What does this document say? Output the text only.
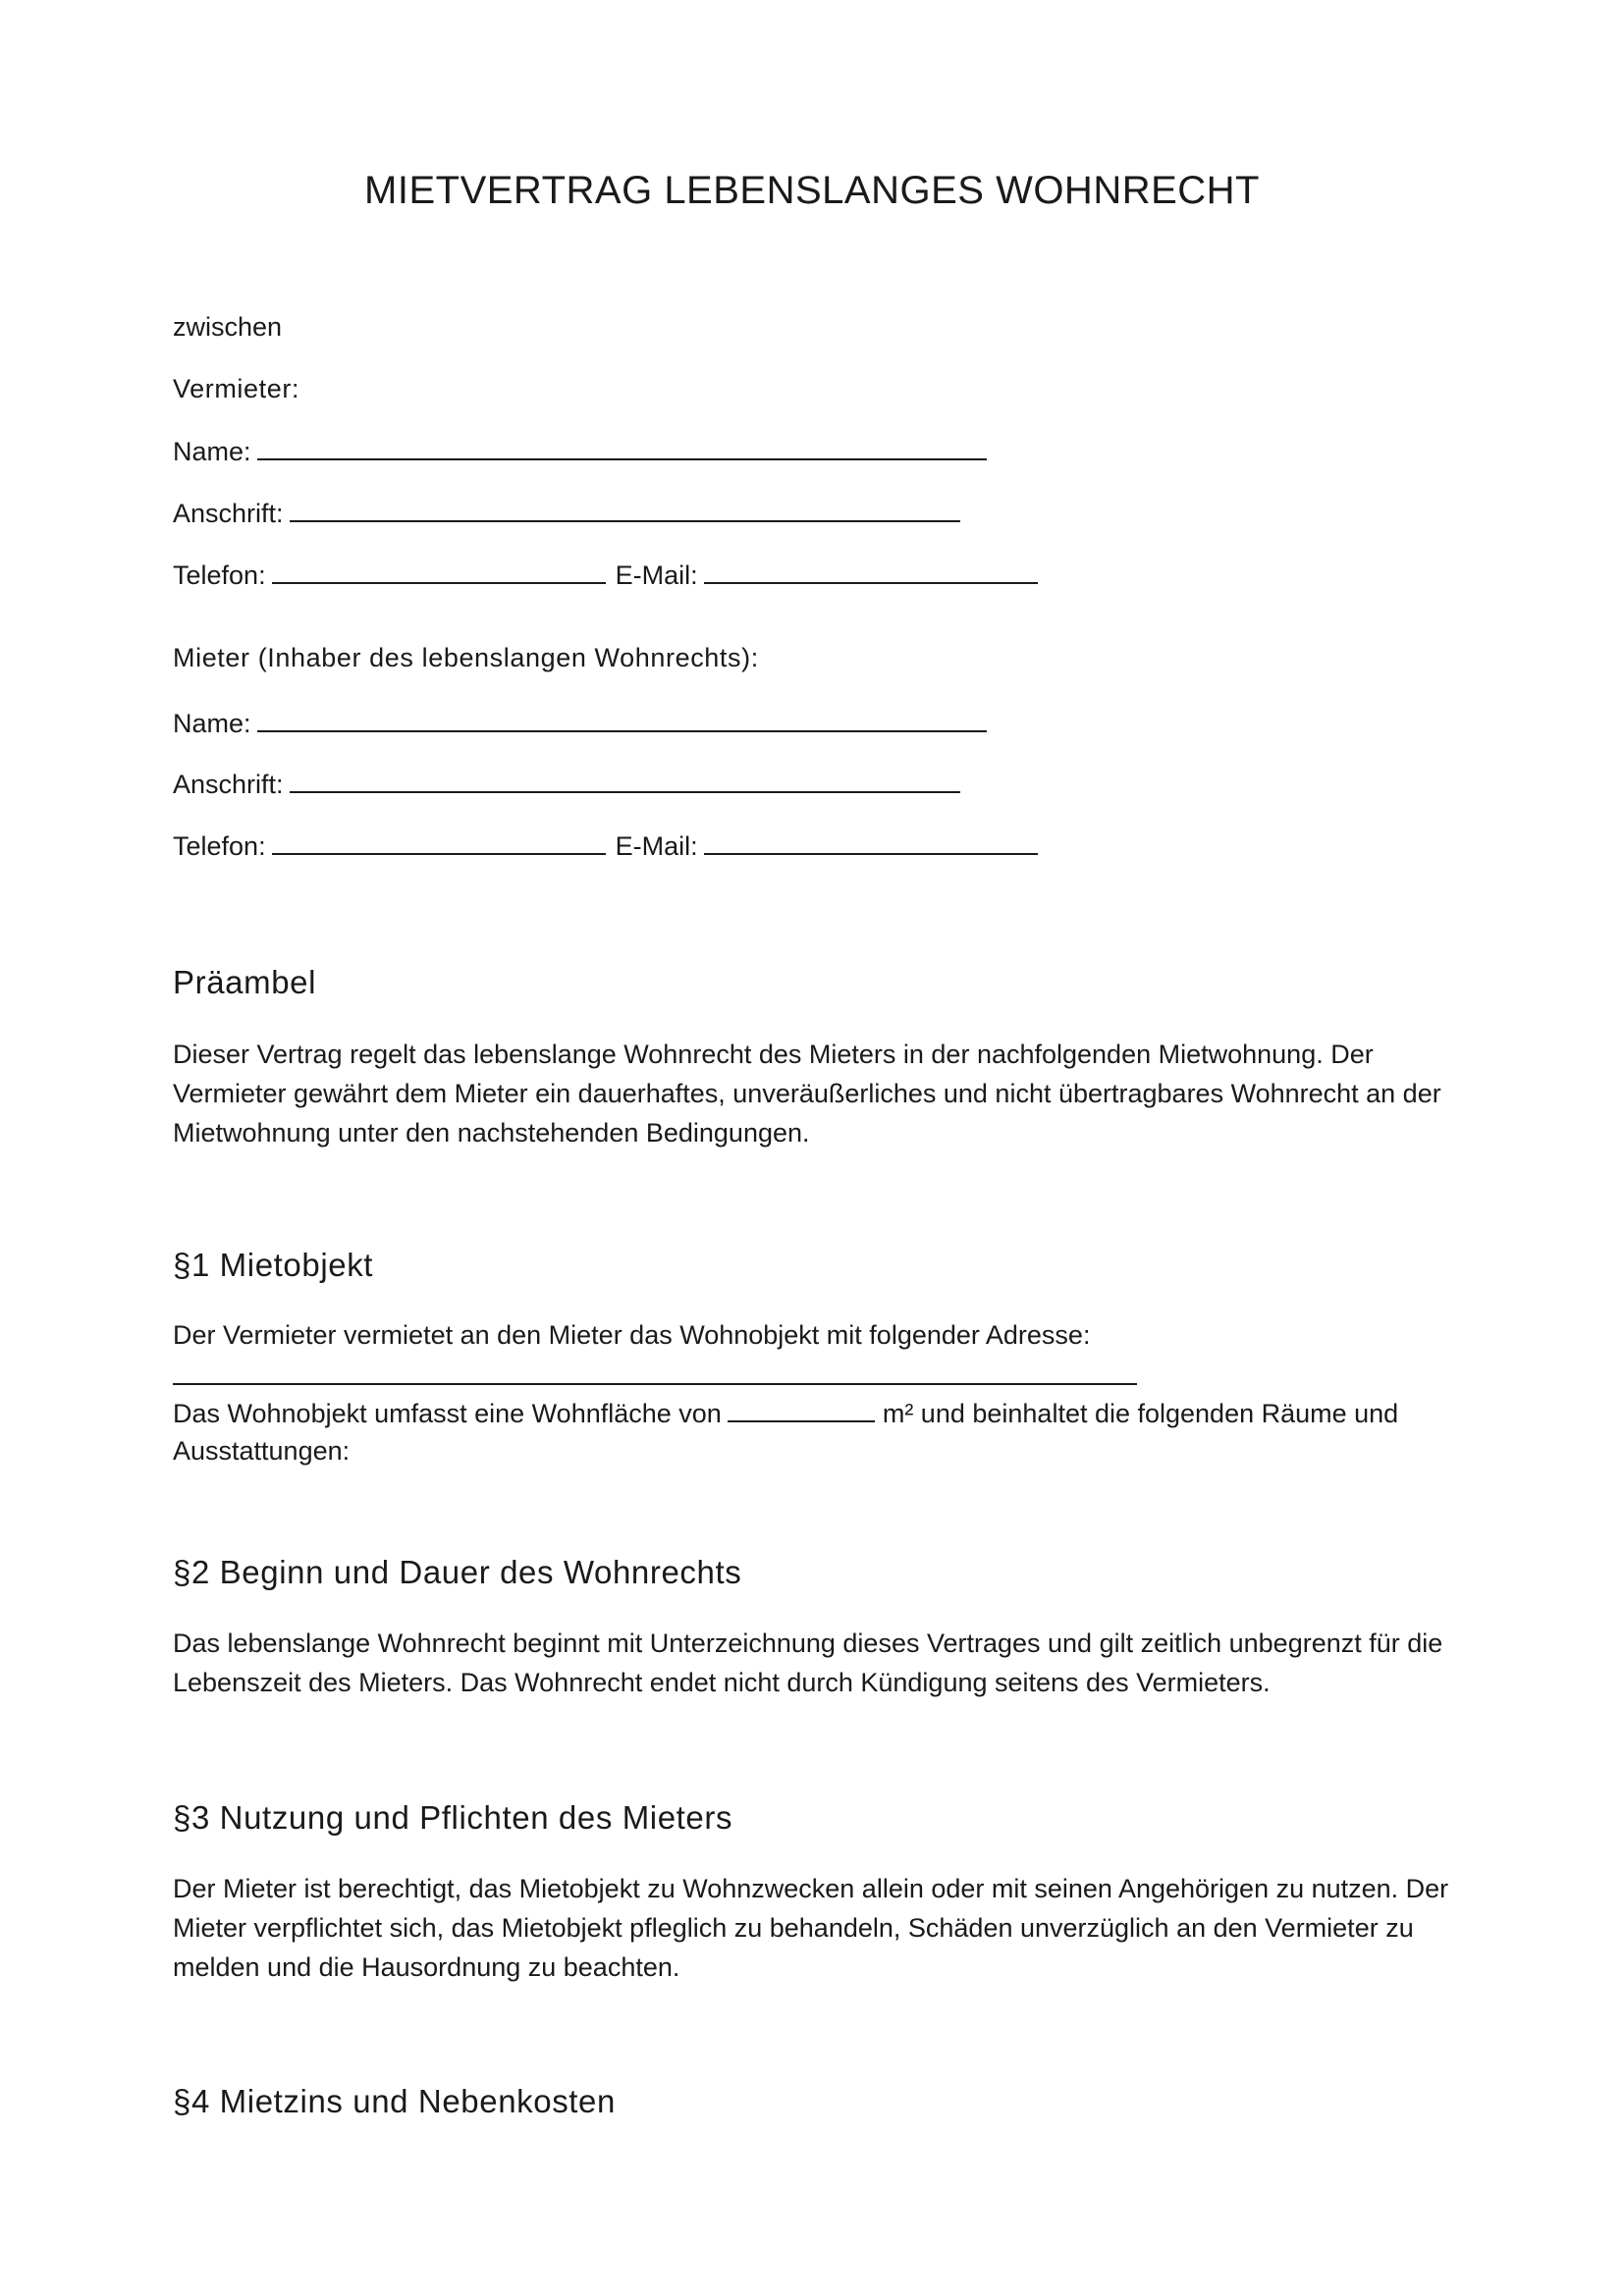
MIETVERTRAG LEBENSLANGES WOHNRECHT

zwischen

Vermieter:

Name:

Anschrift:

Telefon:	E-Mail:

Mieter (Inhaber des lebenslangen Wohnrechts):

Name:

Anschrift:

Telefon:	E-Mail:

Präambel

Dieser Vertrag regelt das lebenslange Wohnrecht des Mieters in der nachfolgenden Mietwohnung. Der Vermieter gewährt dem Mieter ein dauerhaftes, unveräußerliches und nicht übertragbares Wohnrecht an der Mietwohnung unter den nachstehenden Bedingungen.

§1 Mietobjekt

Der Vermieter vermietet an den Mieter das Wohnobjekt mit folgender Adresse:

Das Wohnobjekt umfasst eine Wohnfläche von	m² und beinhaltet die folgenden Räume und

Ausstattungen:

§2 Beginn und Dauer des Wohnrechts

Das lebenslange Wohnrecht beginnt mit Unterzeichnung dieses Vertrages und gilt zeitlich unbegrenzt für die Lebenszeit des Mieters. Das Wohnrecht endet nicht durch Kündigung seitens des Vermieters.

§3 Nutzung und Pflichten des Mieters

Der Mieter ist berechtigt, das Mietobjekt zu Wohnzwecken allein oder mit seinen Angehörigen zu nutzen. Der Mieter verpflichtet sich, das Mietobjekt pfleglich zu behandeln, Schäden unverzüglich an den Vermieter zu melden und die Hausordnung zu beachten.

§4 Mietzins und Nebenkosten
